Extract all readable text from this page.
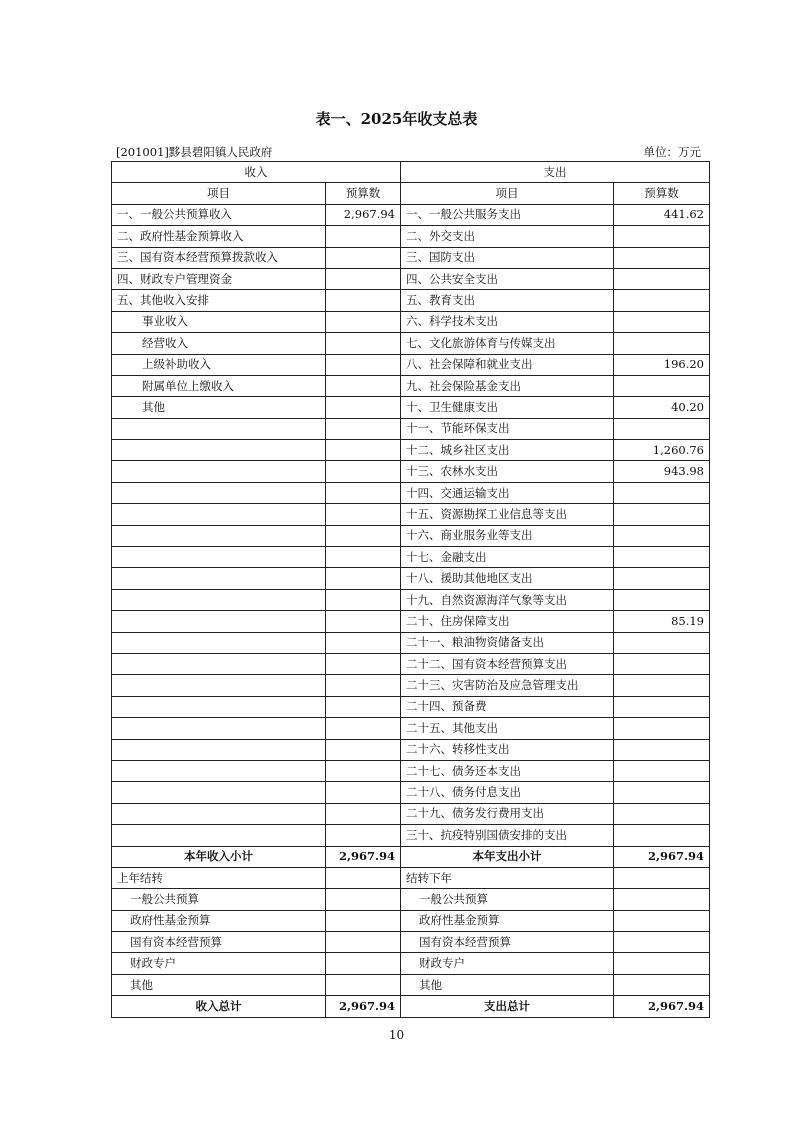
表一、2025年收支总表
[201001]黟县碧阳镇人民政府	单位：万元
收入		支出	
项目	预算数	项目	预算数
一、一般公共预算收入	2,967.94	一、一般公共服务支出	441.62
二、政府性基金预算收入		二、外交支出	
三、国有资本经营预算拨款收入		三、国防支出	
四、财政专户管理资金		四、公共安全支出	
五、其他收入安排		五、教育支出	
事业收入		六、科学技术支出	
经营收入		七、文化旅游体育与传媒支出	
上级补助收入		八、社会保障和就业支出	196.20
附属单位上缴收入		九、社会保险基金支出	
其他		十、卫生健康支出	40.20
		十一、节能环保支出	
		十二、城乡社区支出	1,260.76
		十三、农林水支出	943.98
		十四、交通运输支出	
		十五、资源勘探工业信息等支出	
		十六、商业服务业等支出	
		十七、金融支出	
		十八、援助其他地区支出	
		十九、自然资源海洋气象等支出	
		二十、住房保障支出	85.19
		二十一、粮油物资储备支出	
		二十二、国有资本经营预算支出	
		二十三、灾害防治及应急管理支出	
		二十四、预备费	
		二十五、其他支出	
		二十六、转移性支出	
		二十七、债务还本支出	
		二十八、债务付息支出	
		二十九、债务发行费用支出	
		三十、抗疫特别国债安排的支出	
本年收入小计	2,967.94	本年支出小计	2,967.94
上年结转		结转下年	
一般公共预算		一般公共预算	
政府性基金预算		政府性基金预算	
国有资本经营预算		国有资本经营预算	
财政专户		财政专户	
其他		其他	
收入总计	2,967.94	支出总计	2,967.94
10
